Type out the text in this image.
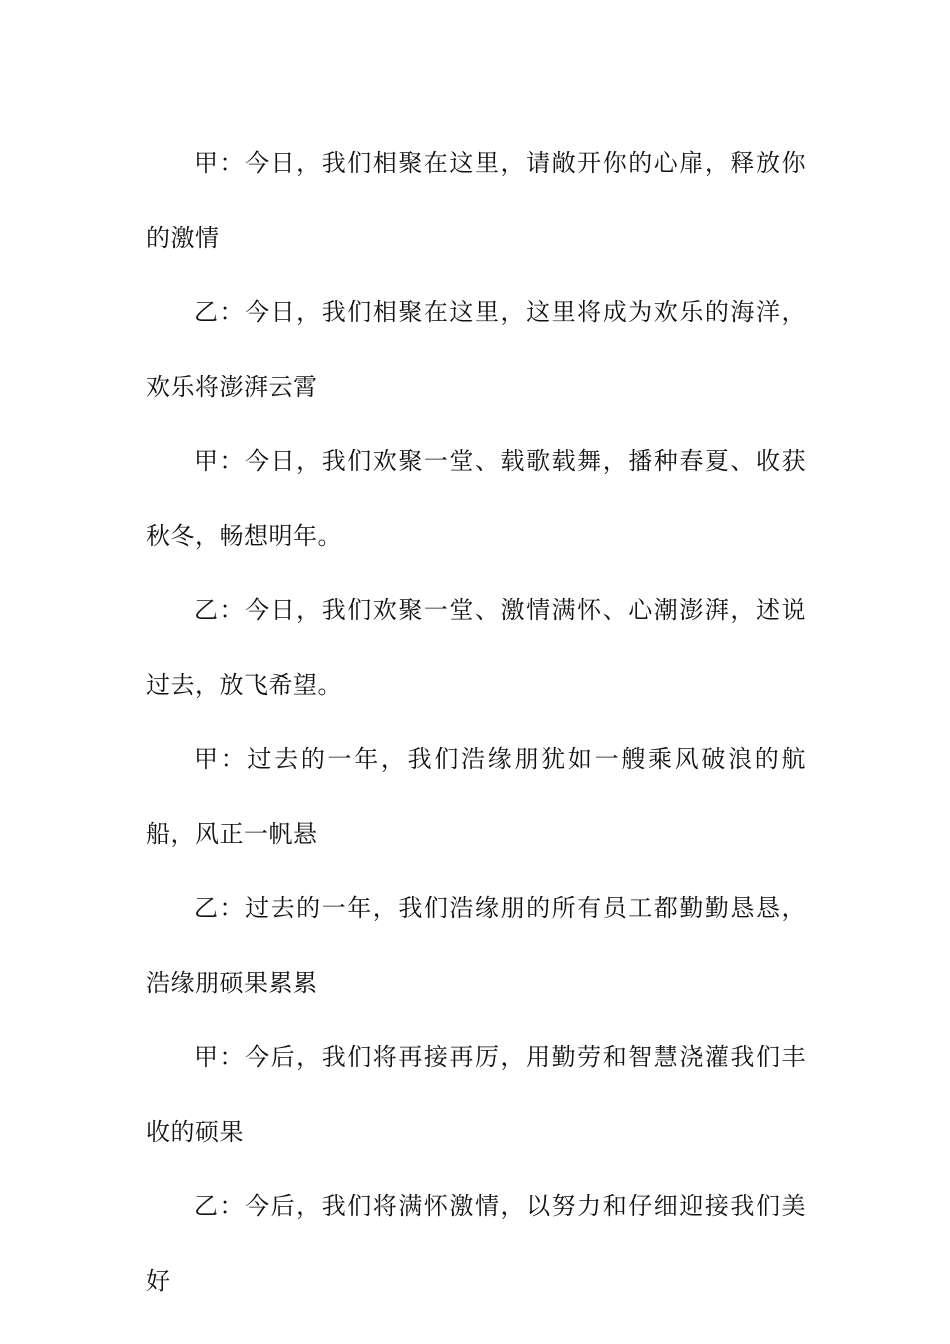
甲：今日，我们相聚在这里，请敞开你的心扉，释放你的激情

乙：今日，我们相聚在这里，这里将成为欢乐的海洋，欢乐将澎湃云霄

甲：今日，我们欢聚一堂、载歌载舞，播种春夏、收获秋冬，畅想明年。

乙：今日，我们欢聚一堂、激情满怀、心潮澎湃，述说过去，放飞希望。

甲：过去的一年，我们浩缘朋犹如一艘乘风破浪的航船，风正一帆悬

乙：过去的一年，我们浩缘朋的所有员工都勤勤恳恳，浩缘朋硕果累累

甲：今后，我们将再接再厉，用勤劳和智慧浇灌我们丰收的硕果

乙：今后，我们将满怀激情，以努力和仔细迎接我们美好
